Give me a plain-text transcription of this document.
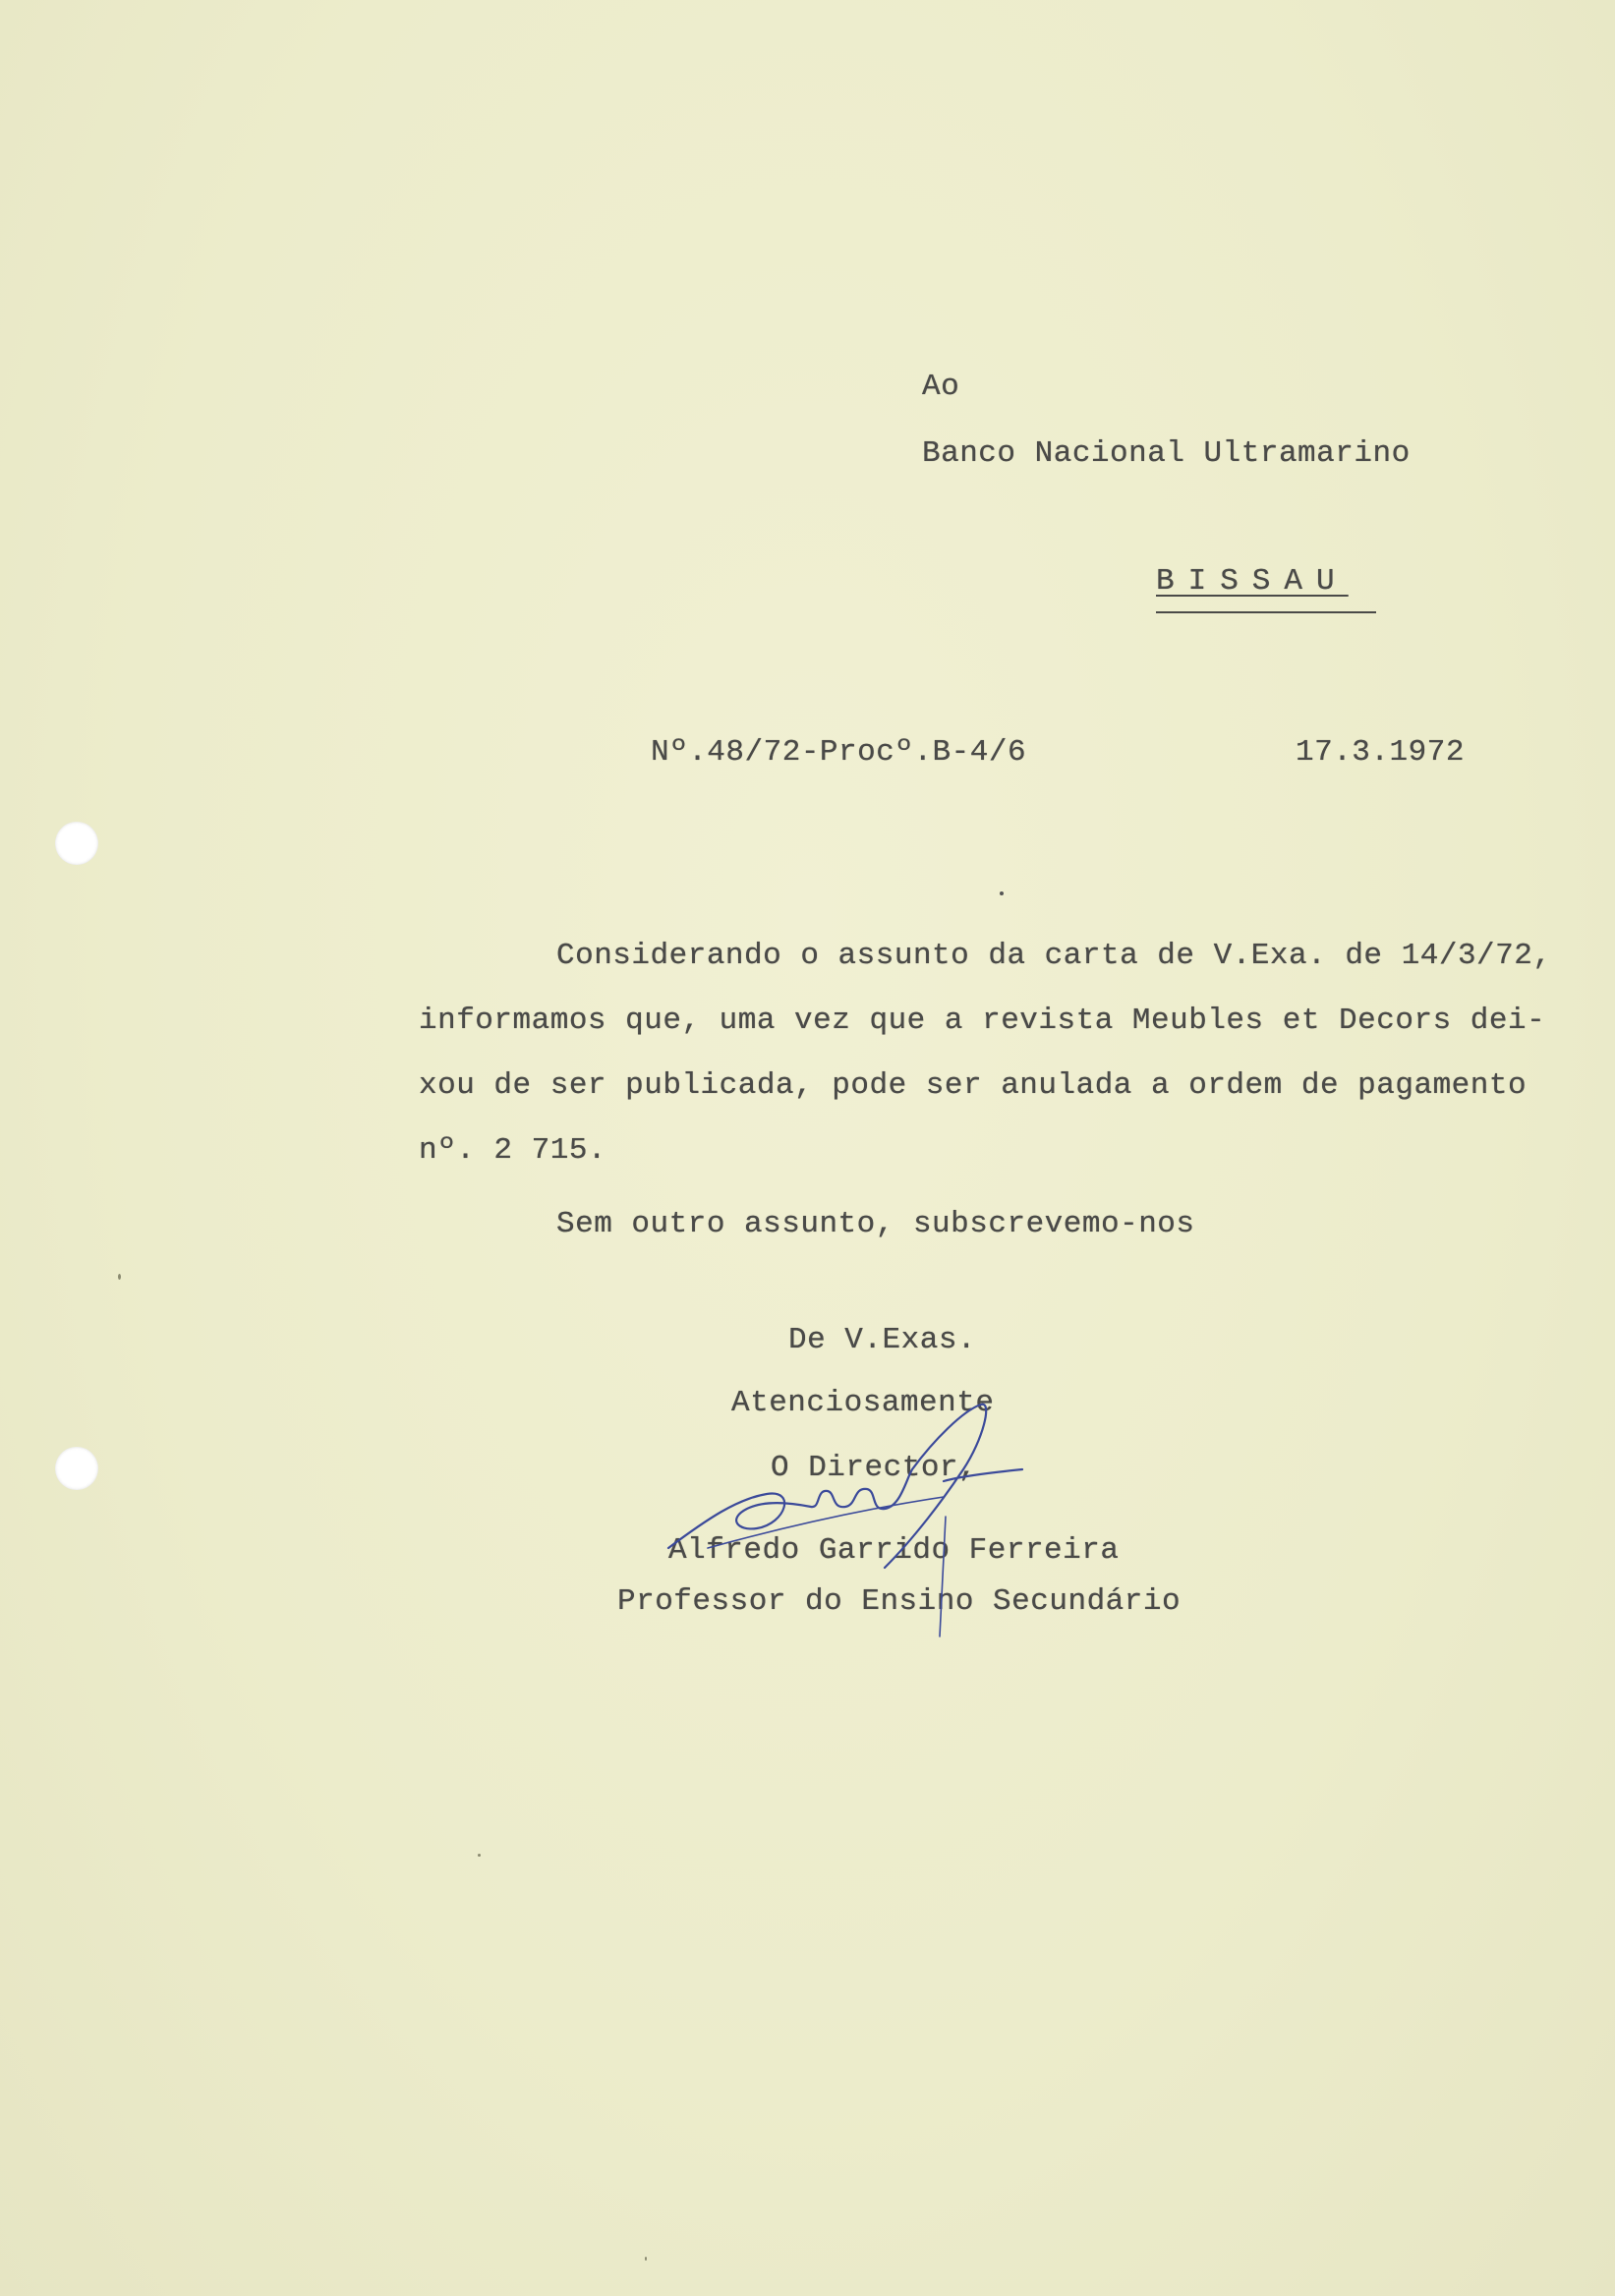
Ao
Banco Nacional Ultramarino
BISSAU
Nº.48/72-Procº.B-4/6	17.3.1972
Considerando o assunto da carta de V.Exa. de 14/3/72,
informamos que, uma vez que a revista Meubles et Decors dei-
xou de ser publicada, pode ser anulada a ordem de pagamento
nº. 2 715.
Sem outro assunto, subscrevemo-nos
De V.Exas.
Atenciosamente
O Director,
Alfredo Garrido Ferreira
Professor do Ensino Secundário
